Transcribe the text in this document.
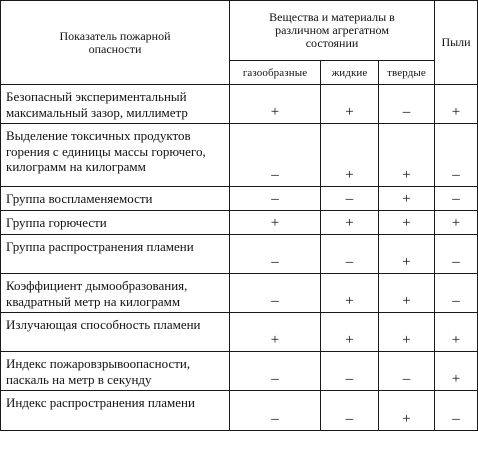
Показатель пожарной опасности	Вещества и материалы в различном агрегатном состоянии			Пыли
	газообразные	жидкие	твердые	
Безопасный экспериментальный максимальный зазор, миллиметр	+	+	–	+
Выделение токсичных продуктов горения с единицы массы горючего, килограмм на килограмм	–	+	+	–
Группа воспламеняемости	–	–	+	–
Группа горючести	+	+	+	+
Группа распространения пламени	–	–	+	–
Коэффициент дымообразования, квадратный метр на килограмм	–	+	+	–
Излучающая способность пламени	+	+	+	+
Индекс пожаровзрывоопасности, паскаль на метр в секунду	–	–	–	+
Индекс распространения пламени	–	–	+	–
